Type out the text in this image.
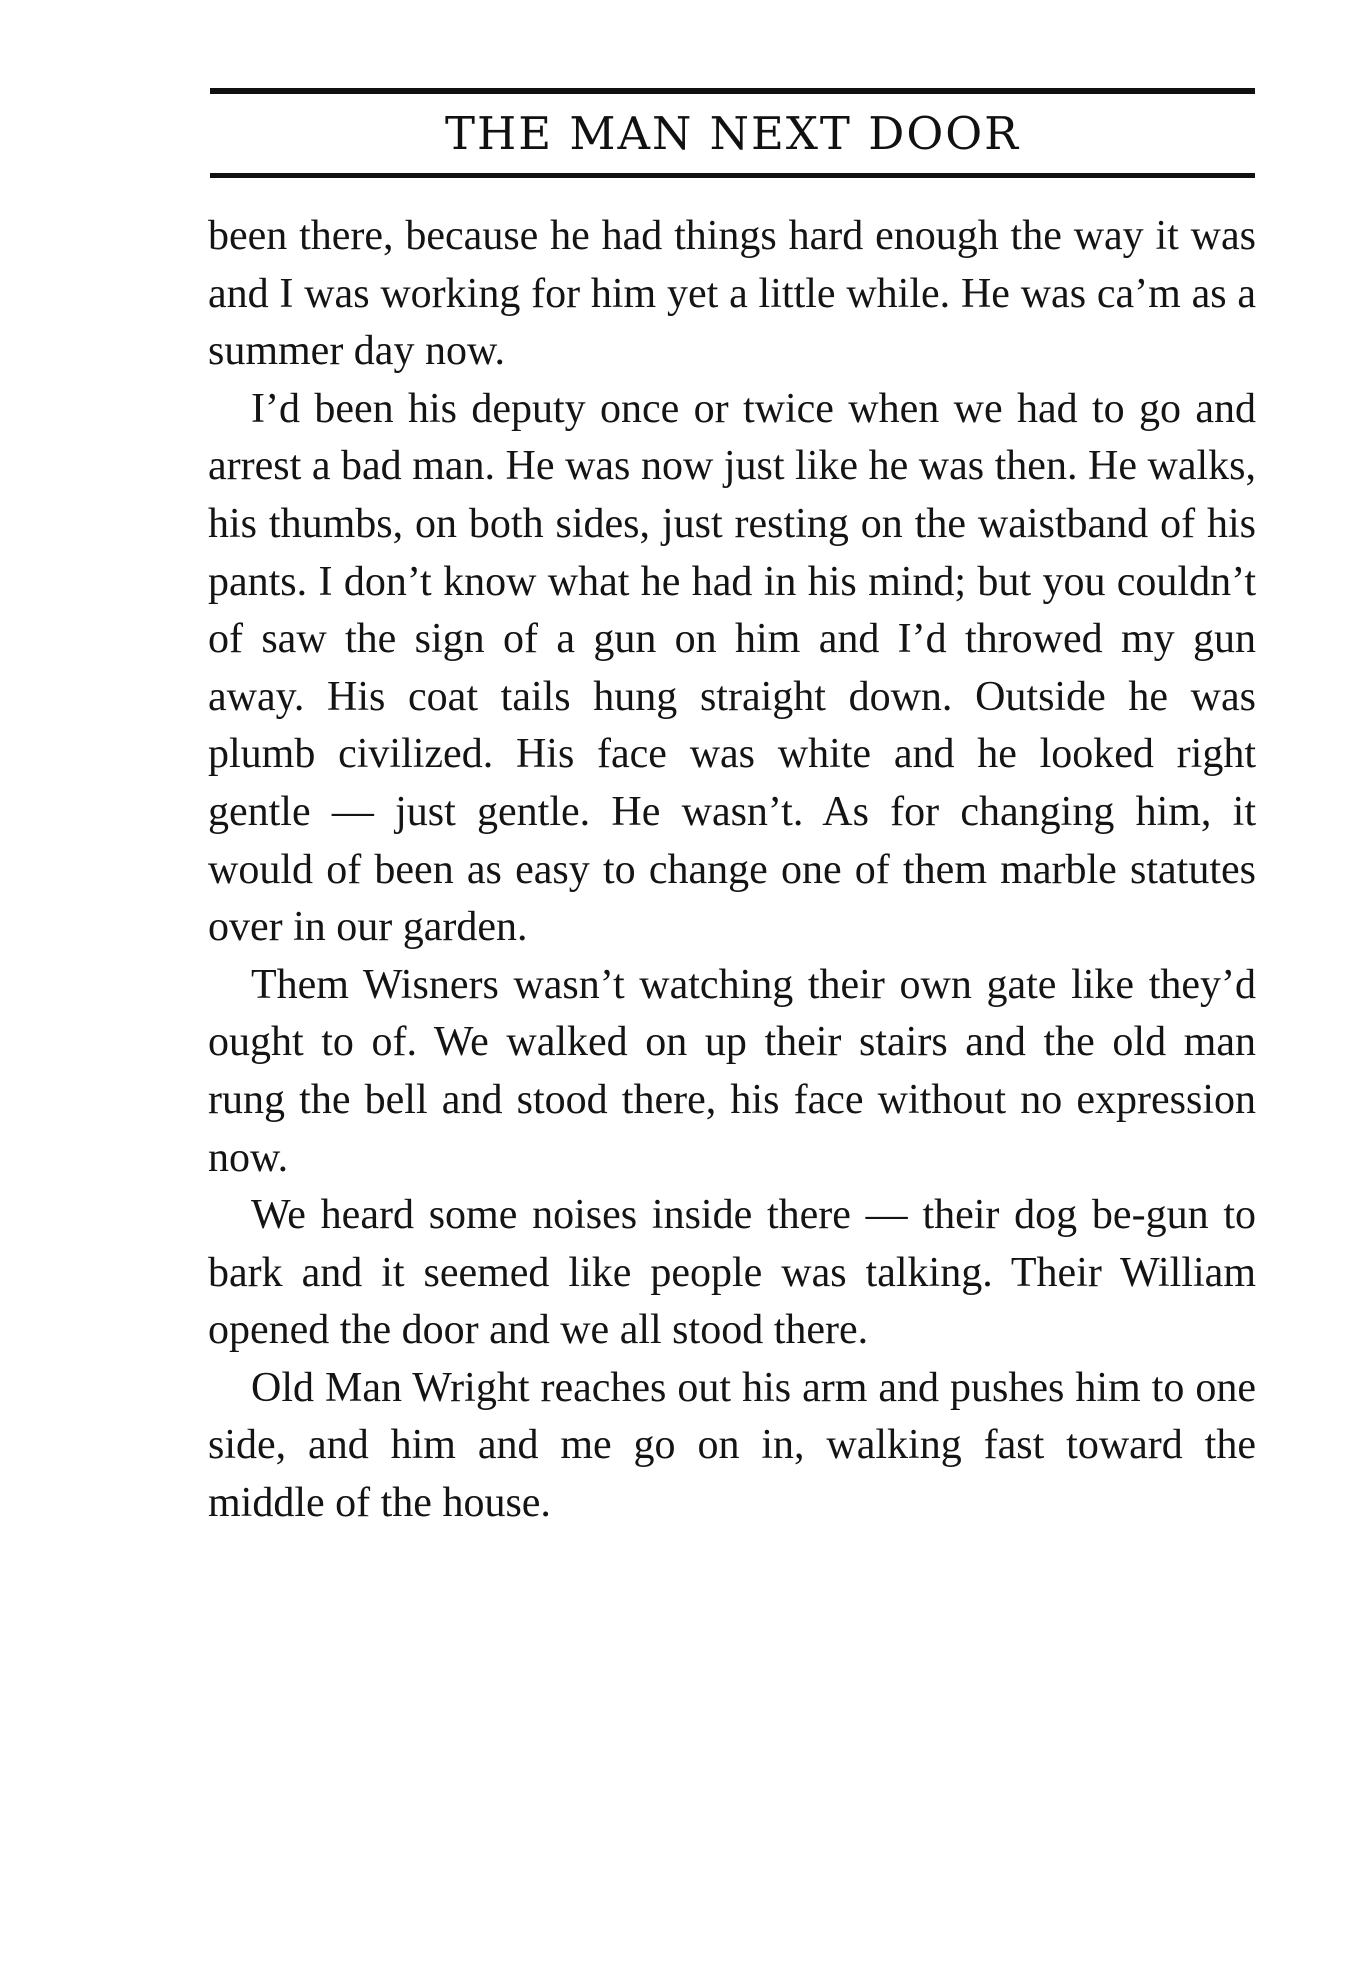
THE MAN NEXT DOOR

been there, because he had things hard enough the way it was and I was working for him yet a little while. He was ca’m as a summer day now.

I’d been his deputy once or twice when we had to go and arrest a bad man. He was now just like he was then. He walks, his thumbs, on both sides, just resting on the waistband of his pants. I don’t know what he had in his mind; but you couldn’t of saw the sign of a gun on him and I’d throwed my gun away. His coat tails hung straight down. Outside he was plumb civilized. His face was white and he looked right gentle — just gentle. He wasn’t. As for changing him, it would of been as easy to change one of them marble statutes over in our garden.

Them Wisners wasn’t watching their own gate like they’d ought to of. We walked on up their stairs and the old man rung the bell and stood there, his face without no expression now.

We heard some noises inside there — their dog be-gun to bark and it seemed like people was talking. Their William opened the door and we all stood there.

Old Man Wright reaches out his arm and pushes him to one side, and him and me go on in, walking fast toward the middle of the house.
